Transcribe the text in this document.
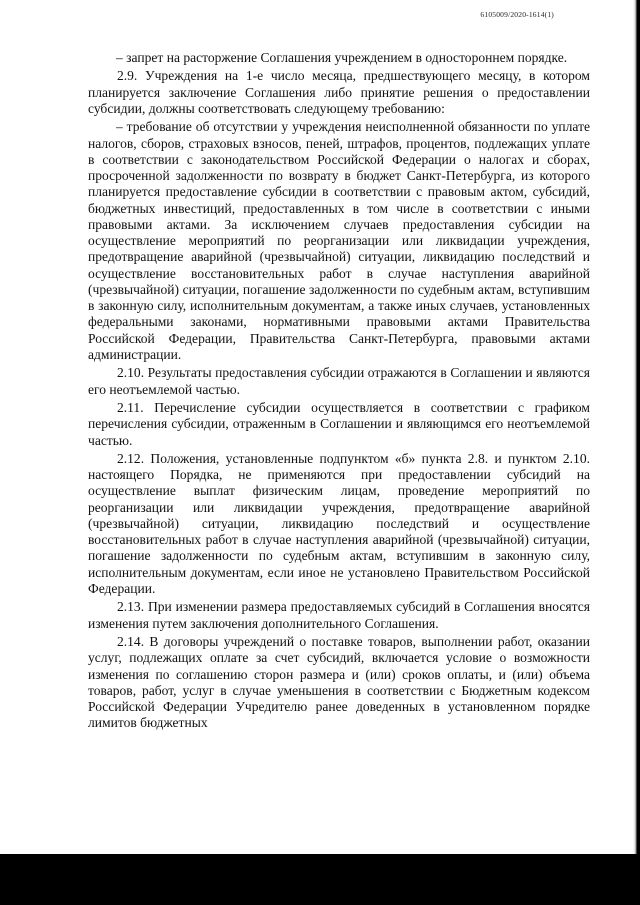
6105009/2020-1614(1)

– запрет на расторжение Соглашения учреждением в одностороннем порядке.

2.9. Учреждения на 1-е число месяца, предшествующего месяцу, в котором планируется заключение Соглашения либо принятие решения о предоставлении субсидии, должны соответствовать следующему требованию:

– требование об отсутствии у учреждения неисполненной обязанности по уплате налогов, сборов, страховых взносов, пеней, штрафов, процентов, подлежащих уплате в соответствии с законодательством Российской Федерации о налогах и сборах, просроченной задолженности по возврату в бюджет Санкт-Петербурга, из которого планируется предоставление субсидии в соответствии с правовым актом, субсидий, бюджетных инвестиций, предоставленных в том числе в соответствии с иными правовыми актами. За исключением случаев предоставления субсидии на осуществление мероприятий по реорганизации или ликвидации учреждения, предотвращение аварийной (чрезвычайной) ситуации, ликвидацию последствий и осуществление восстановительных работ в случае наступления аварийной (чрезвычайной) ситуации, погашение задолженности по судебным актам, вступившим в законную силу, исполнительным документам, а также иных случаев, установленных федеральными законами, нормативными правовыми актами Правительства Российской Федерации, Правительства Санкт-Петербурга, правовыми актами администрации.

2.10. Результаты предоставления субсидии отражаются в Соглашении и являются его неотъемлемой частью.

2.11. Перечисление субсидии осуществляется в соответствии с графиком перечисления субсидии, отраженным в Соглашении и являющимся его неотъемлемой частью.

2.12. Положения, установленные подпунктом «б» пункта 2.8. и пунктом 2.10. настоящего Порядка, не применяются при предоставлении субсидий на осуществление выплат физическим лицам, проведение мероприятий по реорганизации или ликвидации учреждения, предотвращение аварийной (чрезвычайной) ситуации, ликвидацию последствий и осуществление восстановительных работ в случае наступления аварийной (чрезвычайной) ситуации, погашение задолженности по судебным актам, вступившим в законную силу, исполнительным документам, если иное не установлено Правительством Российской Федерации.

2.13. При изменении размера предоставляемых субсидий в Соглашения вносятся изменения путем заключения дополнительного Соглашения.

2.14. В договоры учреждений о поставке товаров, выполнении работ, оказании услуг, подлежащих оплате за счет субсидий, включается условие о возможности изменения по соглашению сторон размера и (или) сроков оплаты, и (или) объема товаров, работ, услуг в случае уменьшения в соответствии с Бюджетным кодексом Российской Федерации Учредителю ранее доведенных в установленном порядке лимитов бюджетных
